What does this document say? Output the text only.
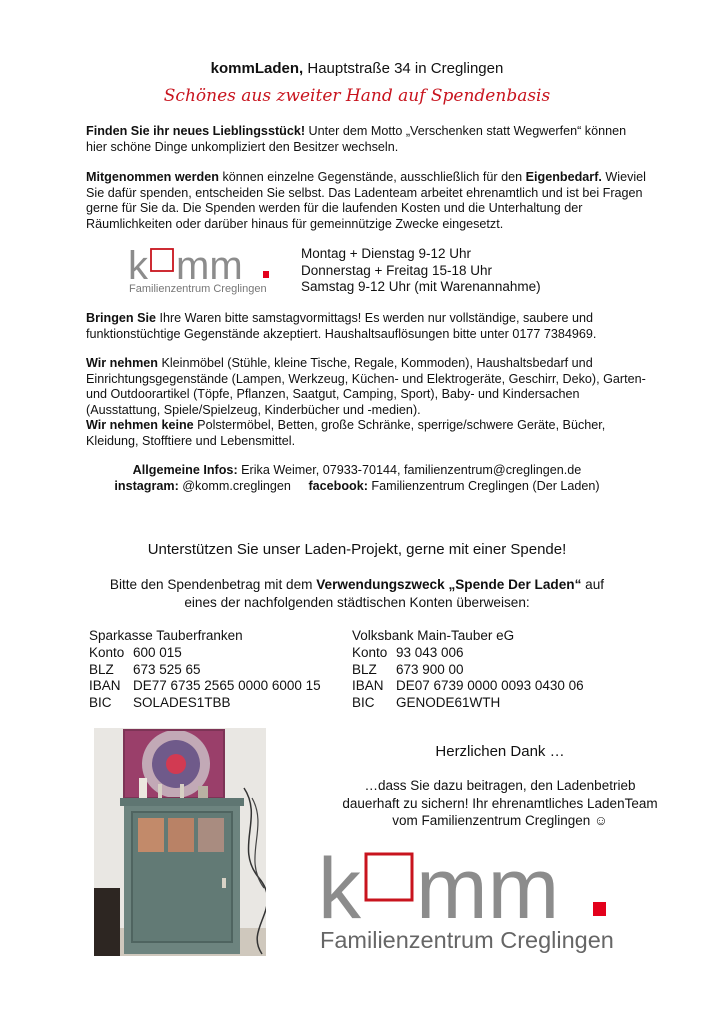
kommLaden, Hauptstraße 34 in Creglingen
Schönes aus zweiter Hand auf Spendenbasis
Finden Sie ihr neues Lieblingsstück! Unter dem Motto „Verschenken statt Wegwerfen“ können hier schöne Dinge unkompliziert den Besitzer wechseln.
Mitgenommen werden können einzelne Gegenstände, ausschließlich für den Eigenbedarf. Wieviel Sie dafür spenden, entscheiden Sie selbst. Das Ladenteam arbeitet ehrenamtlich und ist bei Fragen gerne für Sie da. Die Spenden werden für die laufenden Kosten und die Unterhaltung der Räumlichkeiten oder darüber hinaus für gemeinnützige Zwecke eingesetzt.
k mm
Familienzentrum Creglingen
Montag + Dienstag 9-12 Uhr
Donnerstag + Freitag 15-18 Uhr
Samstag 9-12 Uhr (mit Warenannahme)
Bringen Sie Ihre Waren bitte samstagvormittags! Es werden nur vollständige, saubere und funktionstüchtige Gegenstände akzeptiert. Haushaltsauflösungen bitte unter 0177 7384969.
Wir nehmen Kleinmöbel (Stühle, kleine Tische, Regale, Kommoden), Haushaltsbedarf und Einrichtungsgegenstände (Lampen, Werkzeug, Küchen- und Elektrogeräte, Geschirr, Deko), Garten- und Outdoorartikel (Töpfe, Pflanzen, Saatgut, Camping, Sport), Baby- und Kindersachen (Ausstattung, Spiele/Spielzeug, Kinderbücher und -medien).
Wir nehmen keine Polstermöbel, Betten, große Schränke, sperrige/schwere Geräte, Bücher, Kleidung, Stofftiere und Lebensmittel.
Allgemeine Infos: Erika Weimer, 07933-70144, familienzentrum@creglingen.de
instagram: @komm.creglingen facebook: Familienzentrum Creglingen (Der Laden)
Unterstützen Sie unser Laden-Projekt, gerne mit einer Spende!
Bitte den Spendenbetrag mit dem Verwendungszweck „Spende Der Laden“ auf
eines der nachfolgenden städtischen Konten überweisen:
Sparkasse Tauberfranken
Konto	600 015
BLZ	673 525 65
IBAN	DE77 6735 2565 0000 6000 15
BIC	SOLADES1TBB
Volksbank Main-Tauber eG
Konto	93 043 006
BLZ	673 900 00
IBAN	DE07 6739 0000 0093 0430 06
BIC	GENODE61WTH
Herzlichen Dank …
…dass Sie dazu beitragen, den Ladenbetrieb
dauerhaft zu sichern! Ihr ehrenamtliches LadenTeam
vom Familienzentrum Creglingen ☺
k mm
Familienzentrum Creglingen
